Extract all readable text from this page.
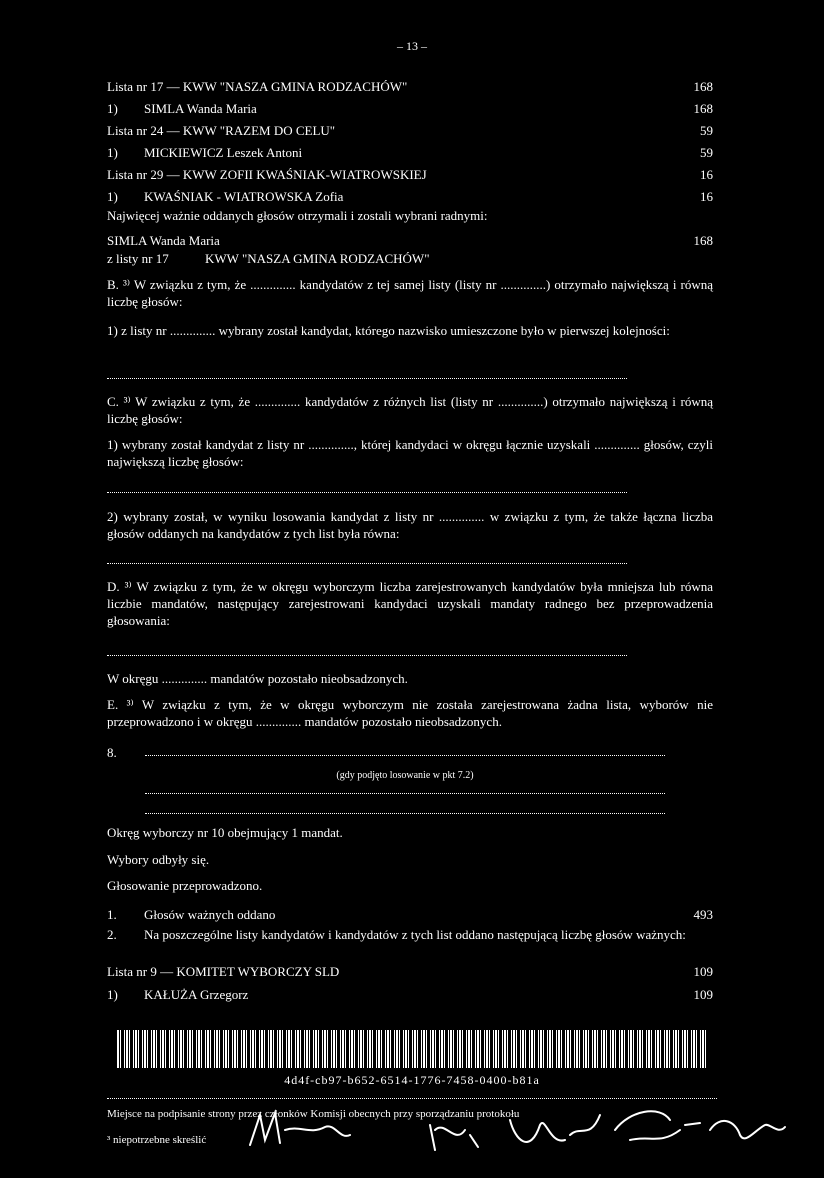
– 13 –
Lista nr 17 — KWW "NASZA GMINA RODZACHÓW"	168
1) SIMLA Wanda Maria	168
Lista nr 24 — KWW "RAZEM DO CELU"	59
1) MICKIEWICZ Leszek Antoni	59
Lista nr 29 — KWW ZOFII KWAŚNIAK-WIATROWSKIEJ	16
1) KWAŚNIAK - WIATROWSKA Zofia	16
Najwięcej ważnie oddanych głosów otrzymali i zostali wybrani radnymi:
SIMLA Wanda Maria	168
z listy nr 17	KWW "NASZA GMINA RODZACHÓW"
B. ³⁾ W związku z tym, że .............. kandydatów z tej samej listy (listy nr ..............) otrzymało największą i równą liczbę głosów:
1) z listy nr .............. wybrany został kandydat, którego nazwisko umieszczone było w pierwszej kolejności:
C. ³⁾ W związku z tym, że .............. kandydatów z różnych list (listy nr ..............) otrzymało największą i równą liczbę głosów:
1) wybrany został kandydat z listy nr .............., której kandydaci w okręgu łącznie uzyskali .............. głosów, czyli największą liczbę głosów:
2) wybrany został, w wyniku losowania kandydat z listy nr .............. w związku z tym, że także łączna liczba głosów oddanych na kandydatów z tych list była równa:
D. ³⁾ W związku z tym, że w okręgu wyborczym liczba zarejestrowanych kandydatów była mniejsza lub równa liczbie mandatów, następujący zarejestrowani kandydaci uzyskali mandaty radnego bez przeprowadzenia głosowania:
W okręgu .............. mandatów pozostało nieobsadzonych.
E. ³⁾ W związku z tym, że w okręgu wyborczym nie została zarejestrowana żadna lista, wyborów nie przeprowadzono i w okręgu .............. mandatów pozostało nieobsadzonych.
8.
(gdy podjęto losowanie w pkt 7.2)
Okręg wyborczy nr 10 obejmujący 1 mandat.
Wybory odbyły się.
Głosowanie przeprowadzono.
1. Głosów ważnych oddano	493
2. Na poszczególne listy kandydatów i kandydatów z tych list oddano następującą liczbę głosów ważnych:
Lista nr 9 — KOMITET WYBORCZY SLD	109
1) KAŁUŻA Grzegorz	109
4d4f-cb97-b652-6514-1776-7458-0400-b81a
Miejsce na podpisanie strony przez członków Komisji obecnych przy sporządzaniu protokołu
³ niepotrzebne skreślić
